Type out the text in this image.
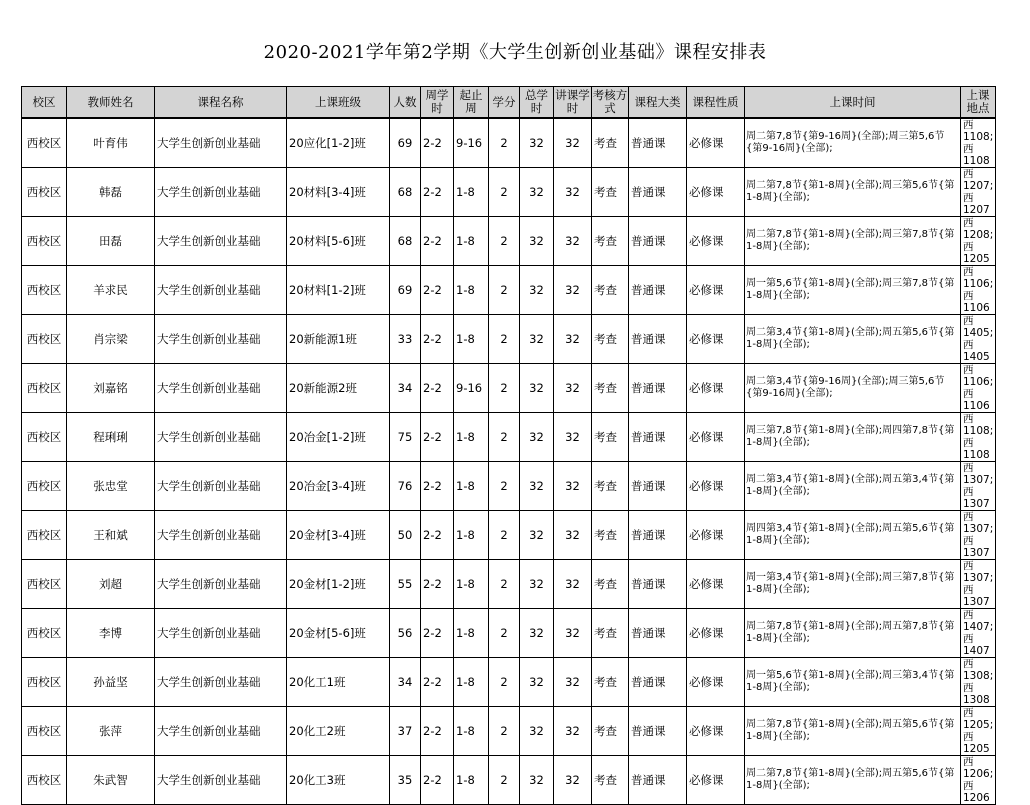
2020-2021学年第2学期《大学生创新创业基础》课程安排表
校区	教师姓名	课程名称	上课班级	人数	周学时	起止周	学分	总学时	讲课学时	考核方式	课程大类	课程性质	上课时间	上课地点
西校区	叶育伟	大学生创新创业基础	20应化[1-2]班	69	2-2	9-16	2	32	32	考查	普通课	必修课	周二第7,8节{第9-16周}(全部);周三第5,6节{第9-16周}(全部);	西1108;西1108
西校区	韩磊	大学生创新创业基础	20材料[3-4]班	68	2-2	1-8	2	32	32	考查	普通课	必修课	周二第7,8节{第1-8周}(全部);周三第5,6节{第1-8周}(全部);	西1207;西1207
西校区	田磊	大学生创新创业基础	20材料[5-6]班	68	2-2	1-8	2	32	32	考查	普通课	必修课	周二第7,8节{第1-8周}(全部);周三第7,8节{第1-8周}(全部);	西1208;西1205
西校区	羊求民	大学生创新创业基础	20材料[1-2]班	69	2-2	1-8	2	32	32	考查	普通课	必修课	周一第5,6节{第1-8周}(全部);周三第7,8节{第1-8周}(全部);	西1106;西1106
西校区	肖宗梁	大学生创新创业基础	20新能源1班	33	2-2	1-8	2	32	32	考查	普通课	必修课	周二第3,4节{第1-8周}(全部);周五第5,6节{第1-8周}(全部);	西1405;西1405
西校区	刘嘉铭	大学生创新创业基础	20新能源2班	34	2-2	9-16	2	32	32	考查	普通课	必修课	周二第3,4节{第9-16周}(全部);周三第5,6节{第9-16周}(全部);	西1106;西1106
西校区	程琍琍	大学生创新创业基础	20冶金[1-2]班	75	2-2	1-8	2	32	32	考查	普通课	必修课	周三第7,8节{第1-8周}(全部);周四第7,8节{第1-8周}(全部);	西1108;西1108
西校区	张忠堂	大学生创新创业基础	20冶金[3-4]班	76	2-2	1-8	2	32	32	考查	普通课	必修课	周二第3,4节{第1-8周}(全部);周五第3,4节{第1-8周}(全部);	西1307;西1307
西校区	王和斌	大学生创新创业基础	20金材[3-4]班	50	2-2	1-8	2	32	32	考查	普通课	必修课	周四第3,4节{第1-8周}(全部);周五第5,6节{第1-8周}(全部);	西1307;西1307
西校区	刘超	大学生创新创业基础	20金材[1-2]班	55	2-2	1-8	2	32	32	考查	普通课	必修课	周一第3,4节{第1-8周}(全部);周三第7,8节{第1-8周}(全部);	西1307;西1307
西校区	李博	大学生创新创业基础	20金材[5-6]班	56	2-2	1-8	2	32	32	考查	普通课	必修课	周二第7,8节{第1-8周}(全部);周五第7,8节{第1-8周}(全部);	西1407;西1407
西校区	孙益坚	大学生创新创业基础	20化工1班	34	2-2	1-8	2	32	32	考查	普通课	必修课	周一第5,6节{第1-8周}(全部);周三第3,4节{第1-8周}(全部);	西1308;西1308
西校区	张萍	大学生创新创业基础	20化工2班	37	2-2	1-8	2	32	32	考查	普通课	必修课	周二第7,8节{第1-8周}(全部);周五第5,6节{第1-8周}(全部);	西1205;西1205
西校区	朱武智	大学生创新创业基础	20化工3班	35	2-2	1-8	2	32	32	考查	普通课	必修课	周二第7,8节{第1-8周}(全部);周五第5,6节{第1-8周}(全部);	西1206;西1206
